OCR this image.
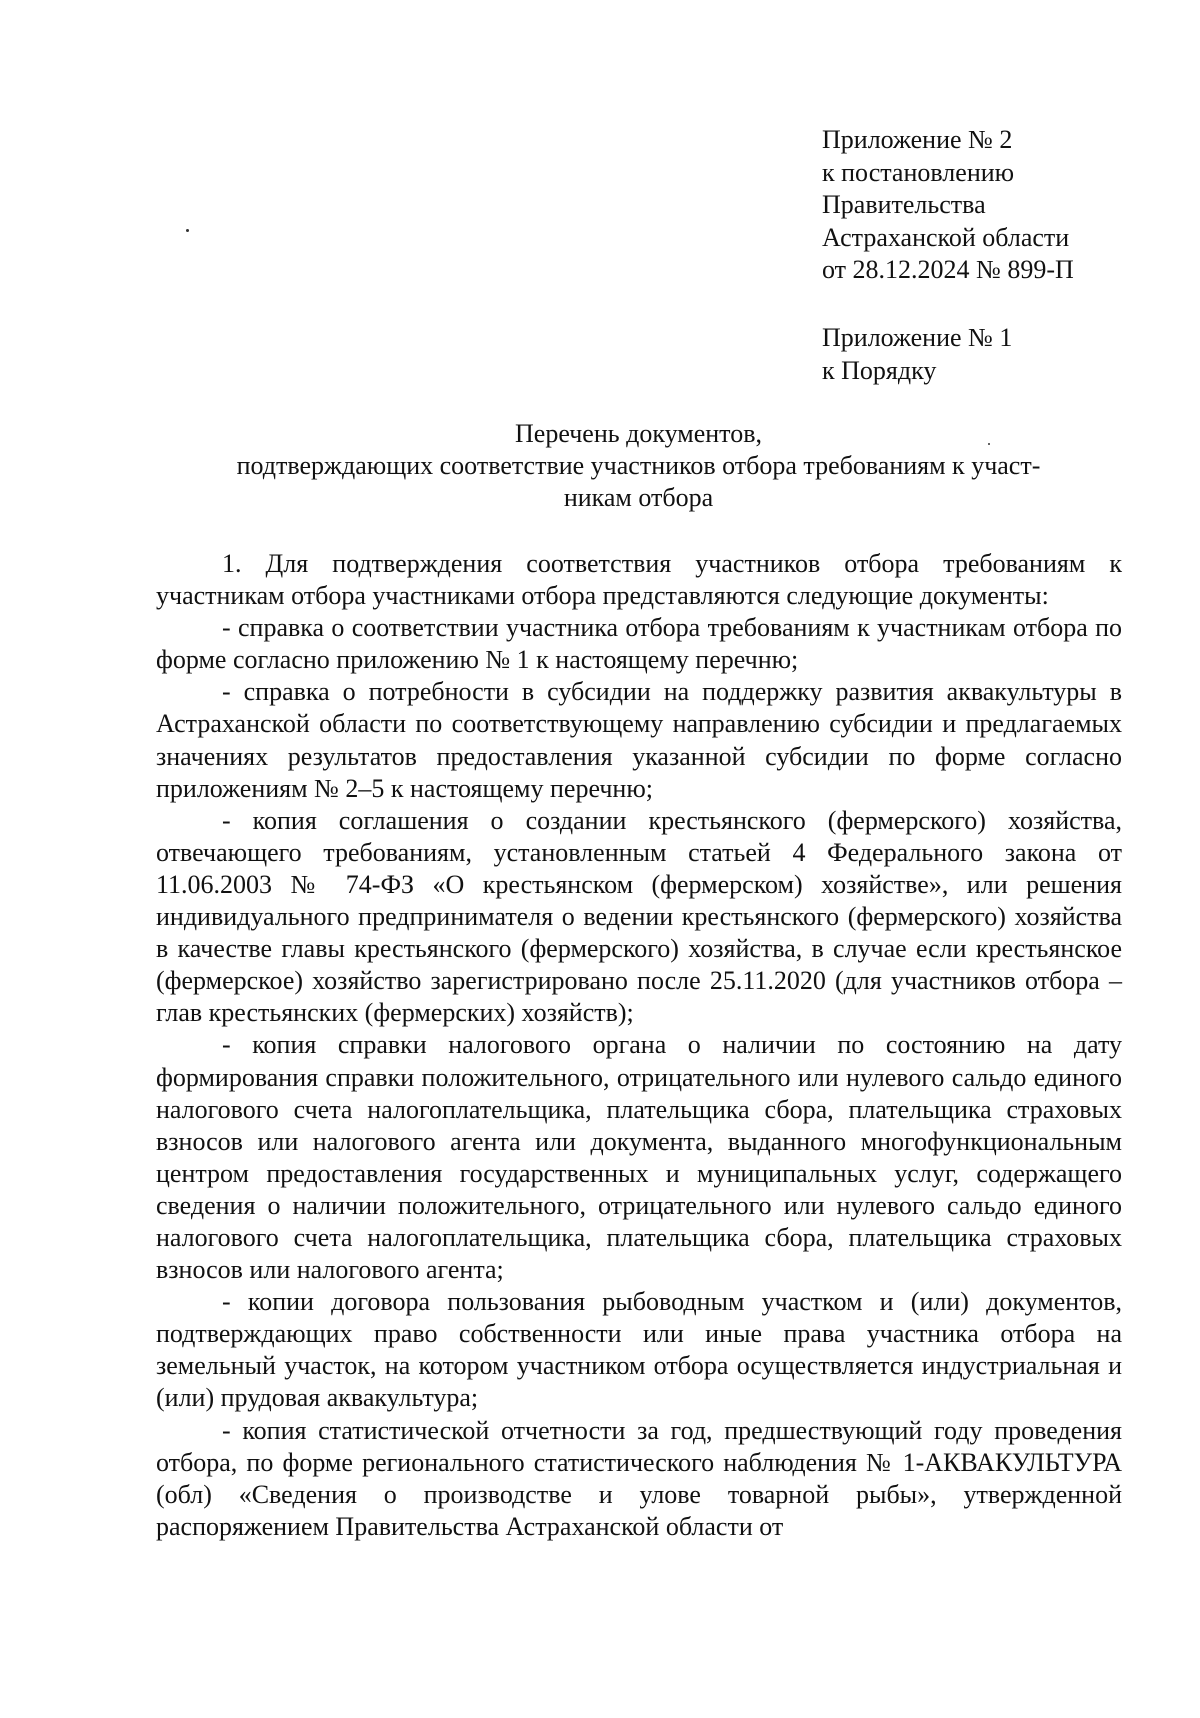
Приложение № 2
к постановлению
Правительства
Астраханской области
от 28.12.2024 № 899-П
Приложение № 1
к Порядку
Перечень документов,
подтверждающих соответствие участников отбора требованиям к участ-
никам отбора

1. Для подтверждения соответствия участников отбора требованиям к участникам отбора участниками отбора представляются следующие документы:

- справка о соответствии участника отбора требованиям к участникам отбора по форме согласно приложению № 1 к настоящему перечню;

- справка о потребности в субсидии на поддержку развития аквакультуры в Астраханской области по соответствующему направлению субсидии и предлагаемых значениях результатов предоставления указанной субсидии по форме согласно приложениям № 2–5 к настоящему перечню;

- копия соглашения о создании крестьянского (фермерского) хозяйства, отвечающего требованиям, установленным статьей 4 Федерального закона от 11.06.2003 № 74-ФЗ «О крестьянском (фермерском) хозяйстве», или решения индивидуального предпринимателя о ведении крестьянского (фермерского) хозяйства в качестве главы крестьянского (фермерского) хозяйства, в случае если крестьянское (фермерское) хозяйство зарегистрировано после 25.11.2020 (для участников отбора – глав крестьянских (фермерских) хозяйств);

- копия справки налогового органа о наличии по состоянию на дату формирования справки положительного, отрицательного или нулевого сальдо единого налогового счета налогоплательщика, плательщика сбора, плательщика страховых взносов или налогового агента или документа, выданного многофункциональным центром предоставления государственных и муниципальных услуг, содержащего сведения о наличии положительного, отрицательного или нулевого сальдо единого налогового счета налогоплательщика, плательщика сбора, плательщика страховых взносов или налогового агента;

- копии договора пользования рыбоводным участком и (или) документов, подтверждающих право собственности или иные права участника отбора на земельный участок, на котором участником отбора осуществляется индустриальная и (или) прудовая аквакультура;

- копия статистической отчетности за год, предшествующий году проведения отбора, по форме регионального статистического наблюдения № 1-АКВАКУЛЬТУРА (обл) «Сведения о производстве и улове товарной рыбы», утвержденной распоряжением Правительства Астраханской области от
